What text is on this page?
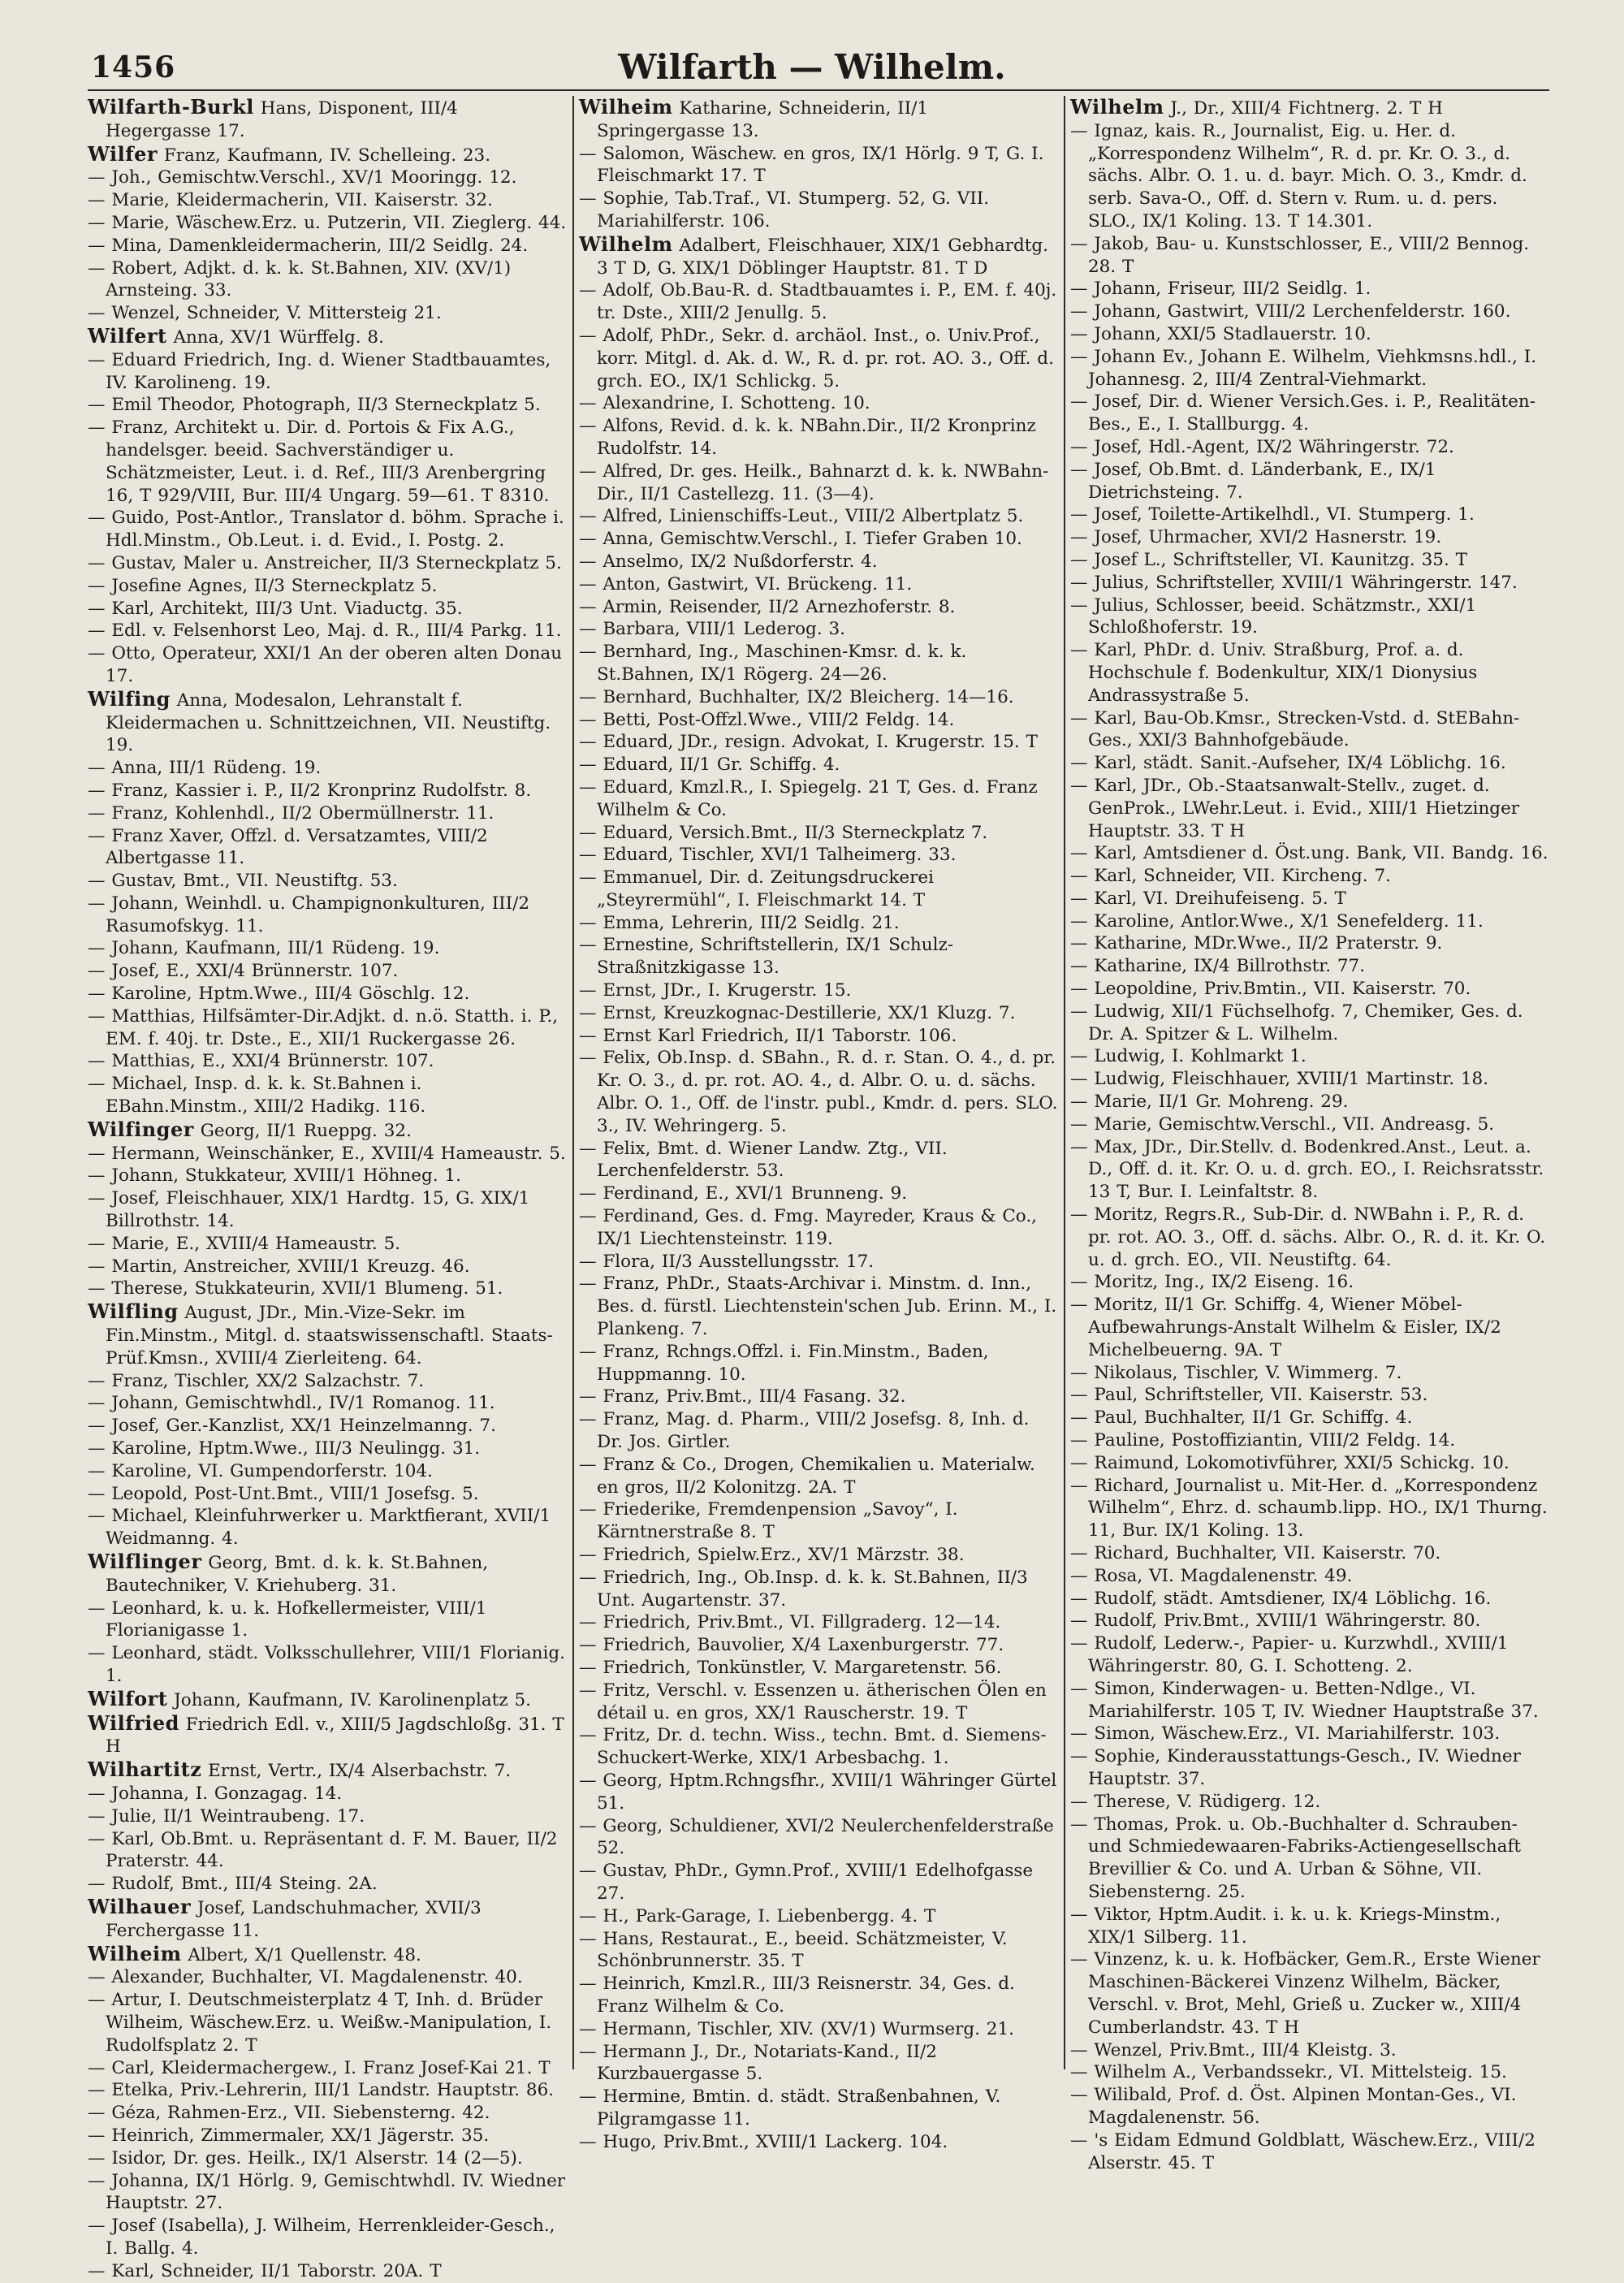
1456	Wilfarth — Wilhelm.
Wilfarth-Burkl Hans, Disponent, III/4 Hegergasse 17.
Wilfer Franz, Kaufmann, IV. Schelleing. 23.
— Joh., Gemischtw.Verschl., XV/1 Mooringg. 12.
— Marie, Kleidermacherin, VII. Kaiserstr. 32.
— Marie, Wäschew.Erz. u. Putzerin, VII. Zieglerg. 44.
— Mina, Damenkleidermacherin, III/2 Seidlg. 24.
— Robert, Adjkt. d. k. k. St.Bahnen, XIV. (XV/1) Arnsteing. 33.
— Wenzel, Schneider, V. Mittersteig 21.
Wilfert Anna, XV/1 Würffelg. 8.
— Eduard Friedrich, Ing. d. Wiener Stadtbauamtes, IV. Karolineng. 19.
— Emil Theodor, Photograph, II/3 Sterneckplatz 5.
— Franz, Architekt u. Dir. d. Portois & Fix A.G., handelsger. beeid. Sachverständiger u. Schätzmeister, Leut. i. d. Ref., III/3 Arenbergring 16, T 929/VIII, Bur. III/4 Ungarg. 59—61. T 8310.
— Guido, Post-Antlor., Translator d. böhm. Sprache i. Hdl.Minstm., Ob.Leut. i. d. Evid., I. Postg. 2.
— Gustav, Maler u. Anstreicher, II/3 Sterneckplatz 5.
— Josefine Agnes, II/3 Sterneckplatz 5.
— Karl, Architekt, III/3 Unt. Viaductg. 35.
— Edl. v. Felsenhorst Leo, Maj. d. R., III/4 Parkg. 11.
— Otto, Operateur, XXI/1 An der oberen alten Donau 17.
Wilfing Anna, Modesalon, Lehranstalt f. Kleidermachen u. Schnittzeichnen, VII. Neustiftg. 19.
— Anna, III/1 Rüdeng. 19.
— Franz, Kassier i. P., II/2 Kronprinz Rudolfstr. 8.
— Franz, Kohlenhdl., II/2 Obermüllnerstr. 11.
— Franz Xaver, Offzl. d. Versatzamtes, VIII/2 Albertgasse 11.
— Gustav, Bmt., VII. Neustiftg. 53.
— Johann, Weinhdl. u. Champignonkulturen, III/2 Rasumofskyg. 11.
— Johann, Kaufmann, III/1 Rüdeng. 19.
— Josef, E., XXI/4 Brünnerstr. 107.
— Karoline, Hptm.Wwe., III/4 Göschlg. 12.
— Matthias, Hilfsämter-Dir.Adjkt. d. n.ö. Statth. i. P., EM. f. 40j. tr. Dste., E., XII/1 Ruckergasse 26.
— Matthias, E., XXI/4 Brünnerstr. 107.
— Michael, Insp. d. k. k. St.Bahnen i. EBahn.Minstm., XIII/2 Hadikg. 116.
Wilfinger Georg, II/1 Rueppg. 32.
— Hermann, Weinschänker, E., XVIII/4 Hameaustr. 5.
— Johann, Stukkateur, XVIII/1 Höhneg. 1.
— Josef, Fleischhauer, XIX/1 Hardtg. 15, G. XIX/1 Billrothstr. 14.
— Marie, E., XVIII/4 Hameaustr. 5.
— Martin, Anstreicher, XVIII/1 Kreuzg. 46.
— Therese, Stukkateurin, XVII/1 Blumeng. 51.
Wilfling August, JDr., Min.-Vize-Sekr. im Fin.Minstm., Mitgl. d. staatswissenschaftl. Staats-Prüf.Kmsn., XVIII/4 Zierleiteng. 64.
— Franz, Tischler, XX/2 Salzachstr. 7.
— Johann, Gemischtwhdl., IV/1 Romanog. 11.
— Josef, Ger.-Kanzlist, XX/1 Heinzelmanng. 7.
— Karoline, Hptm.Wwe., III/3 Neulingg. 31.
— Karoline, VI. Gumpendorferstr. 104.
— Leopold, Post-Unt.Bmt., VIII/1 Josefsg. 5.
— Michael, Kleinfuhrwerker u. Marktfierant, XVII/1 Weidmanng. 4.
Wilflinger Georg, Bmt. d. k. k. St.Bahnen, Bautechniker, V. Kriehuberg. 31.
— Leonhard, k. u. k. Hofkellermeister, VIII/1 Florianigasse 1.
— Leonhard, städt. Volksschullehrer, VIII/1 Florianig. 1.
Wilfort Johann, Kaufmann, IV. Karolinenplatz 5.
Wilfried Friedrich Edl. v., XIII/5 Jagdschloßg. 31. T H
Wilhartitz Ernst, Vertr., IX/4 Alserbachstr. 7.
— Johanna, I. Gonzagag. 14.
— Julie, II/1 Weintraubeng. 17.
— Karl, Ob.Bmt. u. Repräsentant d. F. M. Bauer, II/2 Praterstr. 44.
— Rudolf, Bmt., III/4 Steing. 2A.
Wilhauer Josef, Landschuhmacher, XVII/3 Ferchergasse 11.
Wilheim Albert, X/1 Quellenstr. 48.
— Alexander, Buchhalter, VI. Magdalenenstr. 40.
— Artur, I. Deutschmeisterplatz 4 T, Inh. d. Brüder Wilheim, Wäschew.Erz. u. Weißw.-Manipulation, I. Rudolfsplatz 2. T
— Carl, Kleidermachergew., I. Franz Josef-Kai 21. T
— Etelka, Priv.-Lehrerin, III/1 Landstr. Hauptstr. 86.
— Géza, Rahmen-Erz., VII. Siebensterng. 42.
— Heinrich, Zimmermaler, XX/1 Jägerstr. 35.
— Isidor, Dr. ges. Heilk., IX/1 Alserstr. 14 (2—5).
— Johanna, IX/1 Hörlg. 9, Gemischtwhdl. IV. Wiedner Hauptstr. 27.
— Josef (Isabella), J. Wilheim, Herrenkleider-Gesch., I. Ballg. 4.
— Karl, Schneider, II/1 Taborstr. 20A. T
Wilheim Katharine, Schneiderin, II/1 Springergasse 13.
— Salomon, Wäschew. en gros, IX/1 Hörlg. 9 T, G. I. Fleischmarkt 17. T
— Sophie, Tab.Traf., VI. Stumperg. 52, G. VII. Mariahilferstr. 106.
Wilhelm Adalbert, Fleischhauer, XIX/1 Gebhardtg. 3 T D, G. XIX/1 Döblinger Hauptstr. 81. T D
— Adolf, Ob.Bau-R. d. Stadtbauamtes i. P., EM. f. 40j. tr. Dste., XIII/2 Jenullg. 5.
— Adolf, PhDr., Sekr. d. archäol. Inst., o. Univ.Prof., korr. Mitgl. d. Ak. d. W., R. d. pr. rot. AO. 3., Off. d. grch. EO., IX/1 Schlickg. 5.
— Alexandrine, I. Schotteng. 10.
— Alfons, Revid. d. k. k. NBahn.Dir., II/2 Kronprinz Rudolfstr. 14.
— Alfred, Dr. ges. Heilk., Bahnarzt d. k. k. NWBahn-Dir., II/1 Castellezg. 11. (3—4).
— Alfred, Linienschiffs-Leut., VIII/2 Albertplatz 5.
— Anna, Gemischtw.Verschl., I. Tiefer Graben 10.
— Anselmo, IX/2 Nußdorferstr. 4.
— Anton, Gastwirt, VI. Brückeng. 11.
— Armin, Reisender, II/2 Arnezhoferstr. 8.
— Barbara, VIII/1 Lederog. 3.
— Bernhard, Ing., Maschinen-Kmsr. d. k. k. St.Bahnen, IX/1 Rögerg. 24—26.
— Bernhard, Buchhalter, IX/2 Bleicherg. 14—16.
— Betti, Post-Offzl.Wwe., VIII/2 Feldg. 14.
— Eduard, JDr., resign. Advokat, I. Krugerstr. 15. T
— Eduard, II/1 Gr. Schiffg. 4.
— Eduard, Kmzl.R., I. Spiegelg. 21 T, Ges. d. Franz Wilhelm & Co.
— Eduard, Versich.Bmt., II/3 Sterneckplatz 7.
— Eduard, Tischler, XVI/1 Talheimerg. 33.
— Emmanuel, Dir. d. Zeitungsdruckerei „Steyrermühl“, I. Fleischmarkt 14. T
— Emma, Lehrerin, III/2 Seidlg. 21.
— Ernestine, Schriftstellerin, IX/1 Schulz-Straßnitzkigasse 13.
— Ernst, JDr., I. Krugerstr. 15.
— Ernst, Kreuzkognac-Destillerie, XX/1 Kluzg. 7.
— Ernst Karl Friedrich, II/1 Taborstr. 106.
— Felix, Ob.Insp. d. SBahn., R. d. r. Stan. O. 4., d. pr. Kr. O. 3., d. pr. rot. AO. 4., d. Albr. O. u. d. sächs. Albr. O. 1., Off. de l'instr. publ., Kmdr. d. pers. SLO. 3., IV. Wehringerg. 5.
— Felix, Bmt. d. Wiener Landw. Ztg., VII. Lerchenfelderstr. 53.
— Ferdinand, E., XVI/1 Brunneng. 9.
— Ferdinand, Ges. d. Fmg. Mayreder, Kraus & Co., IX/1 Liechtensteinstr. 119.
— Flora, II/3 Ausstellungsstr. 17.
— Franz, PhDr., Staats-Archivar i. Minstm. d. Inn., Bes. d. fürstl. Liechtenstein'schen Jub. Erinn. M., I. Plankeng. 7.
— Franz, Rchngs.Offzl. i. Fin.Minstm., Baden, Huppmanng. 10.
— Franz, Priv.Bmt., III/4 Fasang. 32.
— Franz, Mag. d. Pharm., VIII/2 Josefsg. 8, Inh. d. Dr. Jos. Girtler.
— Franz & Co., Drogen, Chemikalien u. Materialw. en gros, II/2 Kolonitzg. 2A. T
— Friederike, Fremdenpension „Savoy“, I. Kärntnerstraße 8. T
— Friedrich, Spielw.Erz., XV/1 Märzstr. 38.
— Friedrich, Ing., Ob.Insp. d. k. k. St.Bahnen, II/3 Unt. Augartenstr. 37.
— Friedrich, Priv.Bmt., VI. Fillgraderg. 12—14.
— Friedrich, Bauvolier, X/4 Laxenburgerstr. 77.
— Friedrich, Tonkünstler, V. Margaretenstr. 56.
— Fritz, Verschl. v. Essenzen u. ätherischen Ölen en détail u. en gros, XX/1 Rauscherstr. 19. T
— Fritz, Dr. d. techn. Wiss., techn. Bmt. d. Siemens-Schuckert-Werke, XIX/1 Arbesbachg. 1.
— Georg, Hptm.Rchngsfhr., XVIII/1 Währinger Gürtel 51.
— Georg, Schuldiener, XVI/2 Neulerchenfelderstraße 52.
— Gustav, PhDr., Gymn.Prof., XVIII/1 Edelhofgasse 27.
— H., Park-Garage, I. Liebenbergg. 4. T
— Hans, Restaurat., E., beeid. Schätzmeister, V. Schönbrunnerstr. 35. T
— Heinrich, Kmzl.R., III/3 Reisnerstr. 34, Ges. d. Franz Wilhelm & Co.
— Hermann, Tischler, XIV. (XV/1) Wurmserg. 21.
— Hermann J., Dr., Notariats-Kand., II/2 Kurzbauergasse 5.
— Hermine, Bmtin. d. städt. Straßenbahnen, V. Pilgramgasse 11.
— Hugo, Priv.Bmt., XVIII/1 Lackerg. 104.
Wilhelm J., Dr., XIII/4 Fichtnerg. 2. T H
— Ignaz, kais. R., Journalist, Eig. u. Her. d. „Korrespondenz Wilhelm“, R. d. pr. Kr. O. 3., d. sächs. Albr. O. 1. u. d. bayr. Mich. O. 3., Kmdr. d. serb. Sava-O., Off. d. Stern v. Rum. u. d. pers. SLO., IX/1 Koling. 13. T 14.301.
— Jakob, Bau- u. Kunstschlosser, E., VIII/2 Bennog. 28. T
— Johann, Friseur, III/2 Seidlg. 1.
— Johann, Gastwirt, VIII/2 Lerchenfelderstr. 160.
— Johann, XXI/5 Stadlauerstr. 10.
— Johann Ev., Johann E. Wilhelm, Viehkmsns.hdl., I. Johannesg. 2, III/4 Zentral-Viehmarkt.
— Josef, Dir. d. Wiener Versich.Ges. i. P., Realitäten-Bes., E., I. Stallburgg. 4.
— Josef, Hdl.-Agent, IX/2 Währingerstr. 72.
— Josef, Ob.Bmt. d. Länderbank, E., IX/1 Dietrichsteing. 7.
— Josef, Toilette-Artikelhdl., VI. Stumperg. 1.
— Josef, Uhrmacher, XVI/2 Hasnerstr. 19.
— Josef L., Schriftsteller, VI. Kaunitzg. 35. T
— Julius, Schriftsteller, XVIII/1 Währingerstr. 147.
— Julius, Schlosser, beeid. Schätzmstr., XXI/1 Schloßhoferstr. 19.
— Karl, PhDr. d. Univ. Straßburg, Prof. a. d. Hochschule f. Bodenkultur, XIX/1 Dionysius Andrassystraße 5.
— Karl, Bau-Ob.Kmsr., Strecken-Vstd. d. StEBahn-Ges., XXI/3 Bahnhofgebäude.
— Karl, städt. Sanit.-Aufseher, IX/4 Löblichg. 16.
— Karl, JDr., Ob.-Staatsanwalt-Stellv., zuget. d. GenProk., LWehr.Leut. i. Evid., XIII/1 Hietzinger Hauptstr. 33. T H
— Karl, Amtsdiener d. Öst.ung. Bank, VII. Bandg. 16.
— Karl, Schneider, VII. Kircheng. 7.
— Karl, VI. Dreihufeiseng. 5. T
— Karoline, Antlor.Wwe., X/1 Senefelderg. 11.
— Katharine, MDr.Wwe., II/2 Praterstr. 9.
— Katharine, IX/4 Billrothstr. 77.
— Leopoldine, Priv.Bmtin., VII. Kaiserstr. 70.
— Ludwig, XII/1 Füchselhofg. 7, Chemiker, Ges. d. Dr. A. Spitzer & L. Wilhelm.
— Ludwig, I. Kohlmarkt 1.
— Ludwig, Fleischhauer, XVIII/1 Martinstr. 18.
— Marie, II/1 Gr. Mohreng. 29.
— Marie, Gemischtw.Verschl., VII. Andreasg. 5.
— Max, JDr., Dir.Stellv. d. Bodenkred.Anst., Leut. a. D., Off. d. it. Kr. O. u. d. grch. EO., I. Reichsratsstr. 13 T, Bur. I. Leinfaltstr. 8.
— Moritz, Regrs.R., Sub-Dir. d. NWBahn i. P., R. d. pr. rot. AO. 3., Off. d. sächs. Albr. O., R. d. it. Kr. O. u. d. grch. EO., VII. Neustiftg. 64.
— Moritz, Ing., IX/2 Eiseng. 16.
— Moritz, II/1 Gr. Schiffg. 4, Wiener Möbel-Aufbewahrungs-Anstalt Wilhelm & Eisler, IX/2 Michelbeuerng. 9A. T
— Nikolaus, Tischler, V. Wimmerg. 7.
— Paul, Schriftsteller, VII. Kaiserstr. 53.
— Paul, Buchhalter, II/1 Gr. Schiffg. 4.
— Pauline, Postoffiziantin, VIII/2 Feldg. 14.
— Raimund, Lokomotivführer, XXI/5 Schickg. 10.
— Richard, Journalist u. Mit-Her. d. „Korrespondenz Wilhelm“, Ehrz. d. schaumb.lipp. HO., IX/1 Thurng. 11, Bur. IX/1 Koling. 13.
— Richard, Buchhalter, VII. Kaiserstr. 70.
— Rosa, VI. Magdalenenstr. 49.
— Rudolf, städt. Amtsdiener, IX/4 Löblichg. 16.
— Rudolf, Priv.Bmt., XVIII/1 Währingerstr. 80.
— Rudolf, Lederw.-, Papier- u. Kurzwhdl., XVIII/1 Währingerstr. 80, G. I. Schotteng. 2.
— Simon, Kinderwagen- u. Betten-Ndlge., VI. Mariahilferstr. 105 T, IV. Wiedner Hauptstraße 37.
— Simon, Wäschew.Erz., VI. Mariahilferstr. 103.
— Sophie, Kinderausstattungs-Gesch., IV. Wiedner Hauptstr. 37.
— Therese, V. Rüdigerg. 12.
— Thomas, Prok. u. Ob.-Buchhalter d. Schrauben- und Schmiedewaaren-Fabriks-Actiengesellschaft Brevillier & Co. und A. Urban & Söhne, VII. Siebensterng. 25.
— Viktor, Hptm.Audit. i. k. u. k. Kriegs-Minstm., XIX/1 Silberg. 11.
— Vinzenz, k. u. k. Hofbäcker, Gem.R., Erste Wiener Maschinen-Bäckerei Vinzenz Wilhelm, Bäcker, Verschl. v. Brot, Mehl, Grieß u. Zucker w., XIII/4 Cumberlandstr. 43. T H
— Wenzel, Priv.Bmt., III/4 Kleistg. 3.
— Wilhelm A., Verbandssekr., VI. Mittelsteig. 15.
— Wilibald, Prof. d. Öst. Alpinen Montan-Ges., VI. Magdalenenstr. 56.
— 's Eidam Edmund Goldblatt, Wäschew.Erz., VIII/2 Alserstr. 45. T
